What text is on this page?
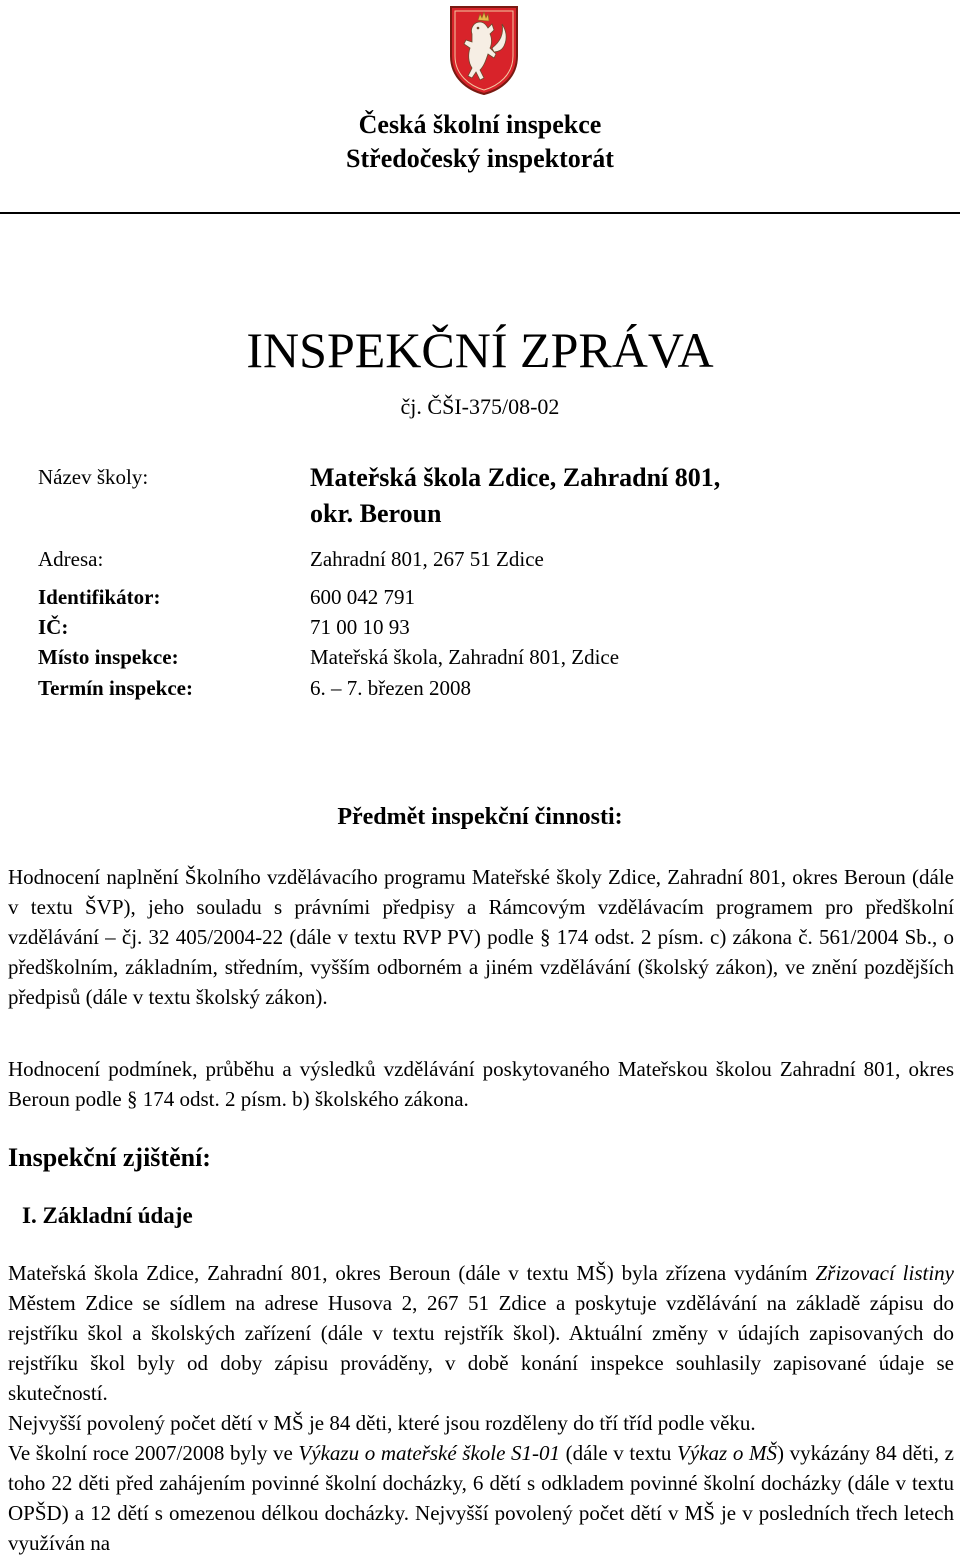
Česká školní inspekce
Středočeský inspektorát
INSPEKČNÍ ZPRÁVA
čj. ČŠI-375/08-02
Název školy:	Mateřská škola Zdice, Zahradní 801,
okr. Beroun
Adresa:	Zahradní 801, 267 51 Zdice
Identifikátor:	600 042 791
IČ:	71 00 10 93
Místo inspekce:	Mateřská škola, Zahradní 801, Zdice
Termín inspekce:	6. – 7. březen 2008
Předmět inspekční činnosti:
Hodnocení naplnění Školního vzdělávacího programu Mateřské školy Zdice, Zahradní 801, okres Beroun (dále v textu ŠVP), jeho souladu s právními předpisy a Rámcovým vzdělávacím programem pro předškolní vzdělávání – čj. 32 405/2004-22 (dále v textu RVP PV) podle § 174 odst. 2 písm. c) zákona č. 561/2004 Sb., o předškolním, základním, středním, vyšším odborném a jiném vzdělávání (školský zákon), ve znění pozdějších předpisů (dále v textu školský zákon).
Hodnocení podmínek, průběhu a výsledků vzdělávání poskytovaného Mateřskou školou Zahradní 801, okres Beroun podle § 174 odst. 2 písm. b) školského zákona.
Inspekční zjištění:
I. Základní údaje
Mateřská škola Zdice, Zahradní 801, okres Beroun (dále v textu MŠ) byla zřízena vydáním Zřizovací listiny Městem Zdice se sídlem na adrese Husova 2, 267 51 Zdice a poskytuje vzdělávání na základě zápisu do rejstříku škol a školských zařízení (dále v textu rejstřík škol). Aktuální změny v údajích zapisovaných do rejstříku škol byly od doby zápisu prováděny, v době konání inspekce souhlasily zapisované údaje se skutečností.
Nejvyšší povolený počet dětí v MŠ je 84 děti, které jsou rozděleny do tří tříd podle věku.
Ve školní roce 2007/2008 byly ve Výkazu o mateřské škole S1-01 (dále v textu Výkaz o MŠ) vykázány 84 děti, z toho 22 děti před zahájením povinné školní docházky, 6 dětí s odkladem povinné školní docházky (dále v textu OPŠD) a 12 dětí s omezenou délkou docházky. Nejvyšší povolený počet dětí v MŠ je v posledních třech letech využíván na
